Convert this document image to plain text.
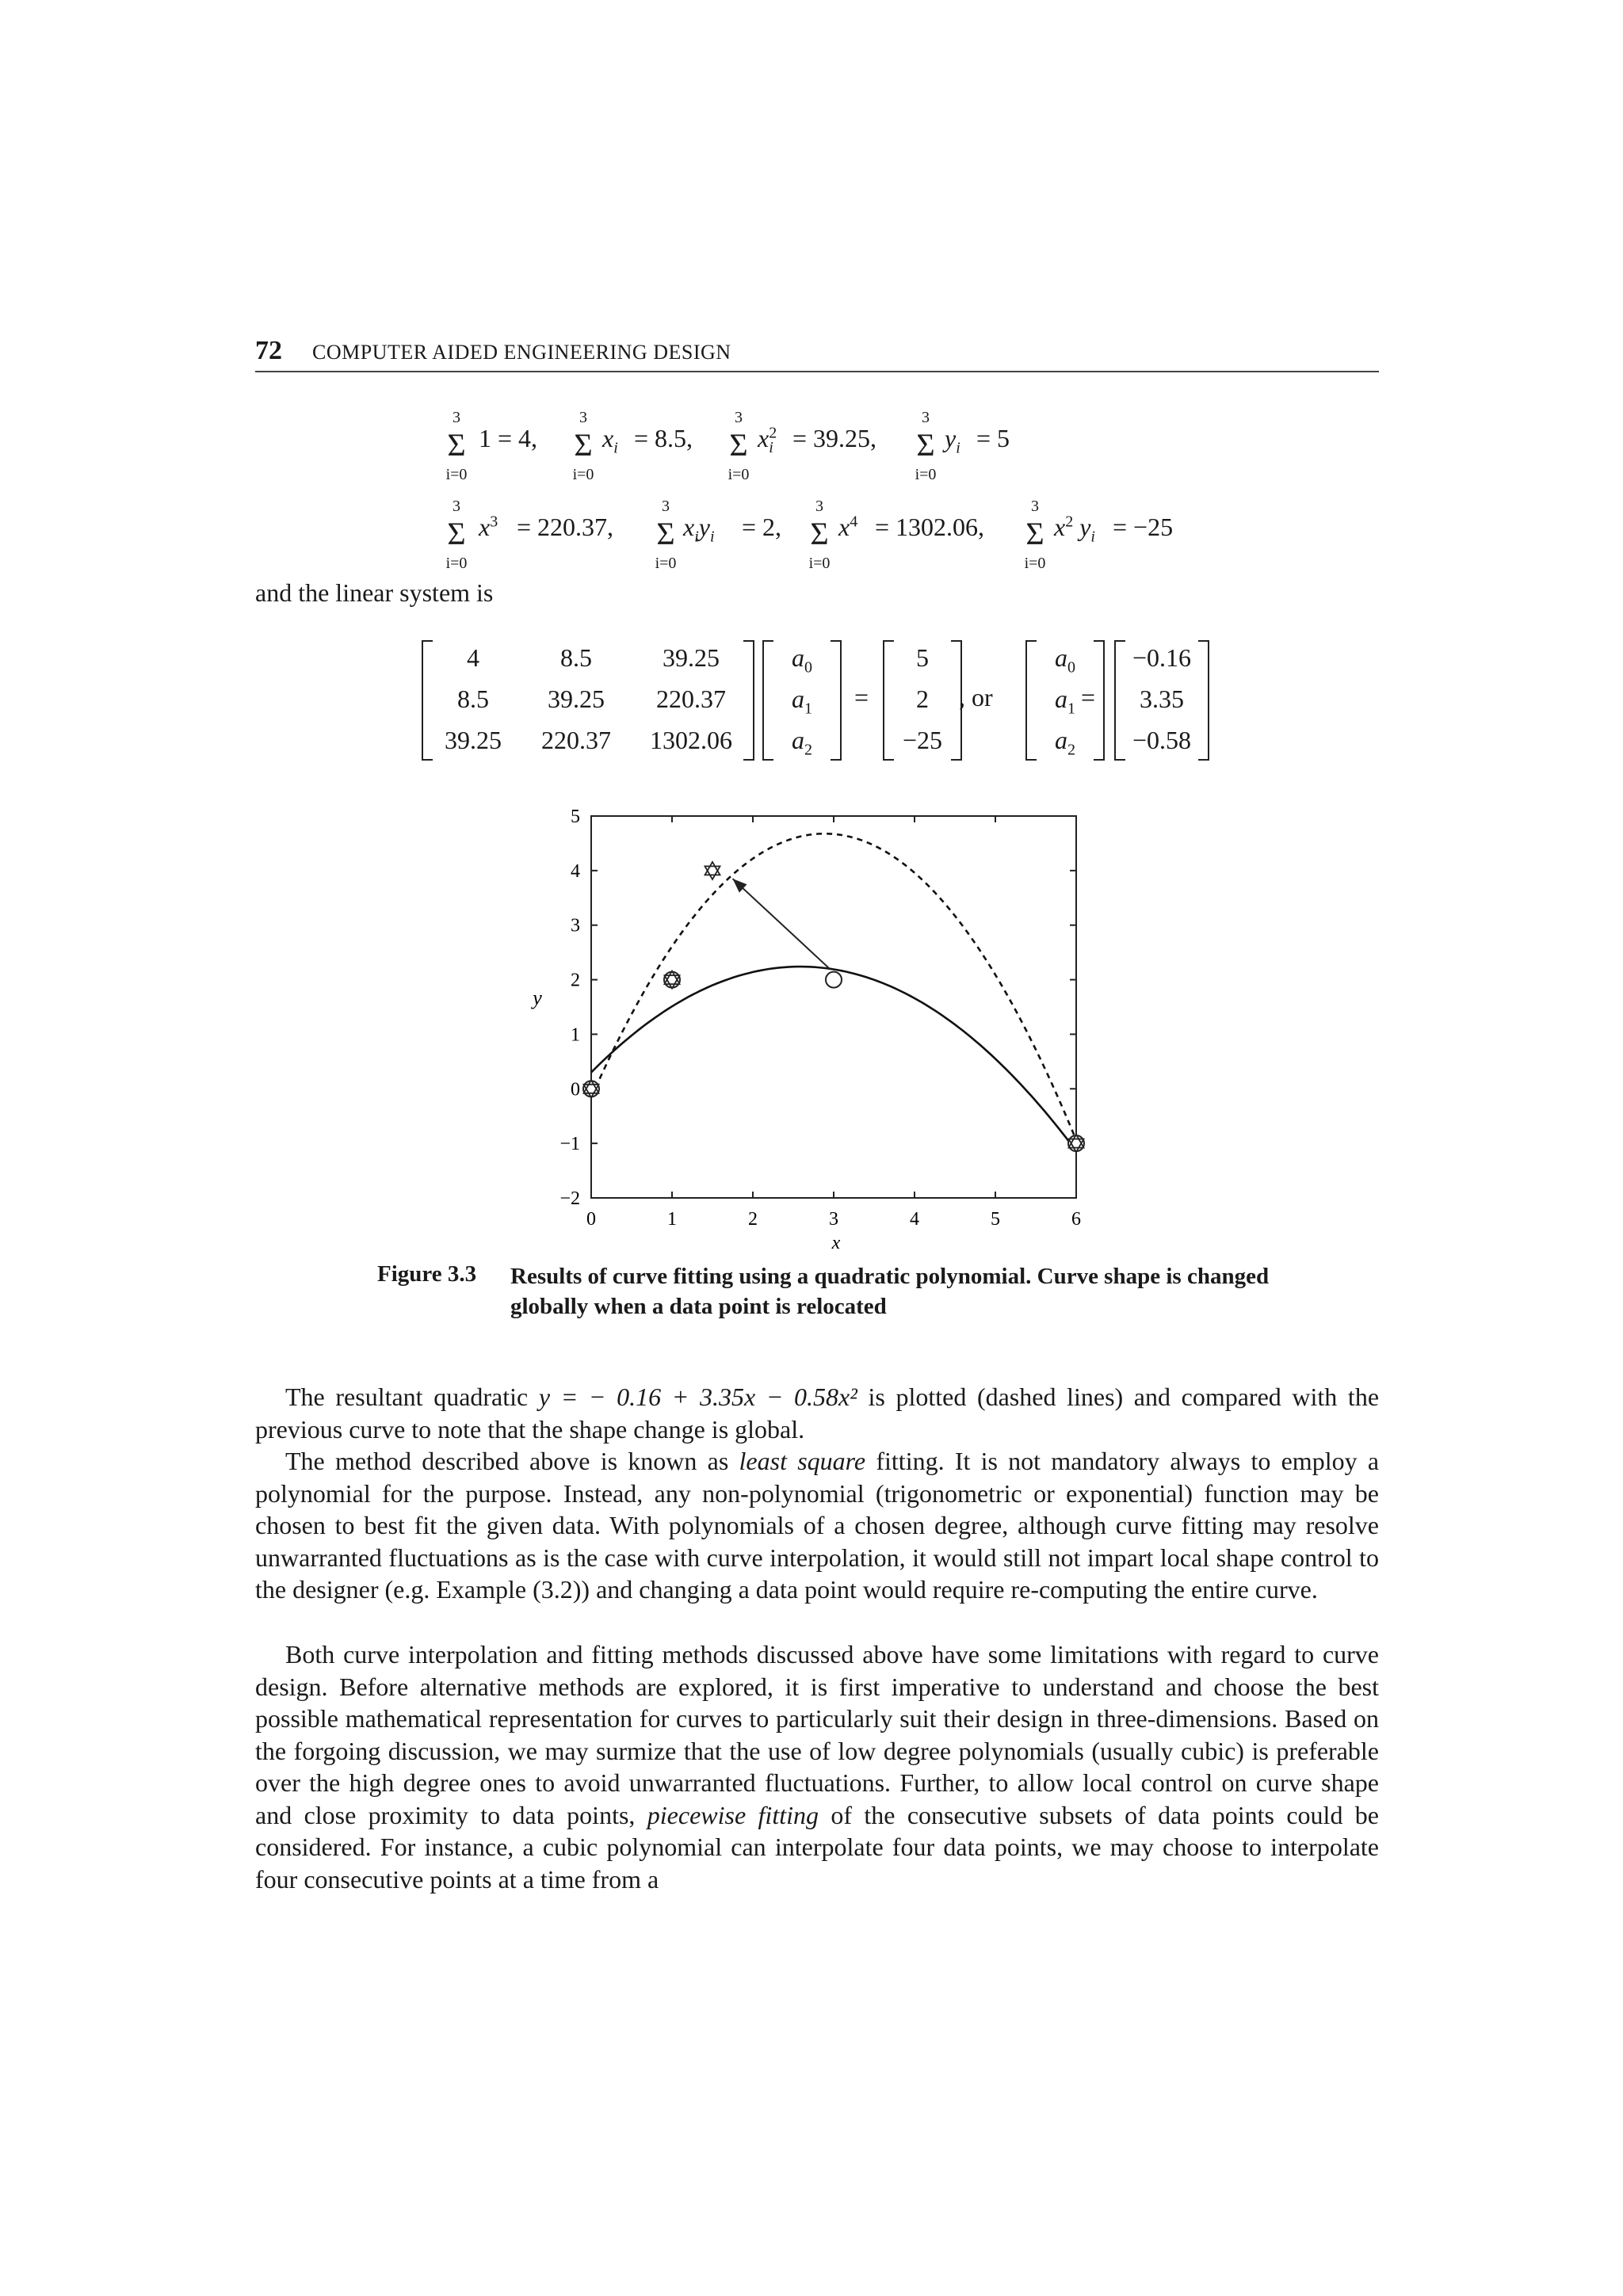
72 COMPUTER AIDED ENGINEERING DESIGN
3
Σ
i=0
1 = 4,
3
Σ
i=0
$x_i = 8.5$,
3
Σ
i=0
$x^2_i = 39.25$,
3
Σ
i=0
$y_i = 5$
3
Σ
i=0
$x^3 = 220.37$,
3
Σ
i=0
$x_iy_i = 2$,
3
Σ
i=0
$x^4 = 1302.06$,
3
Σ
i=0
$x^2$ $y_i = -25$
and the linear system is
4	8.5	39.25
8.5	39.25	220.37
39.25	220.37	1302.06
$a_0$
$a_1$
$a_2$
=
5
2
−25
, or
$a_0$
$a_1$
$a_2$
=
−0.16
3.35
−0.58
0	1	2	3	4	5	6
−2
−1
0
1
2
3
4
5
x
y
Figure 3.3 Results of curve fitting using a quadratic polynomial. Curve shape is changed globally when a data point is relocated
The resultant quadratic y = − 0.16 + 3.35x − 0.58x² is plotted (dashed lines) and compared with the previous curve to note that the shape change is global.
The method described above is known as least square fitting. It is not mandatory always to employ a polynomial for the purpose. Instead, any non-polynomial (trigonometric or exponential) function may be chosen to best fit the given data. With polynomials of a chosen degree, although curve fitting may resolve unwarranted fluctuations as is the case with curve interpolation, it would still not impart local shape control to the designer (e.g. Example (3.2)) and changing a data point would require re-computing the entire curve.
Both curve interpolation and fitting methods discussed above have some limitations with regard to curve design. Before alternative methods are explored, it is first imperative to understand and choose the best possible mathematical representation for curves to particularly suit their design in three-dimensions. Based on the forgoing discussion, we may surmize that the use of low degree polynomials (usually cubic) is preferable over the high degree ones to avoid unwarranted fluctuations. Further, to allow local control on curve shape and close proximity to data points, piecewise fitting of the consecutive subsets of data points could be considered. For instance, a cubic polynomial can interpolate four data points, we may choose to interpolate four consecutive points at a time from a
